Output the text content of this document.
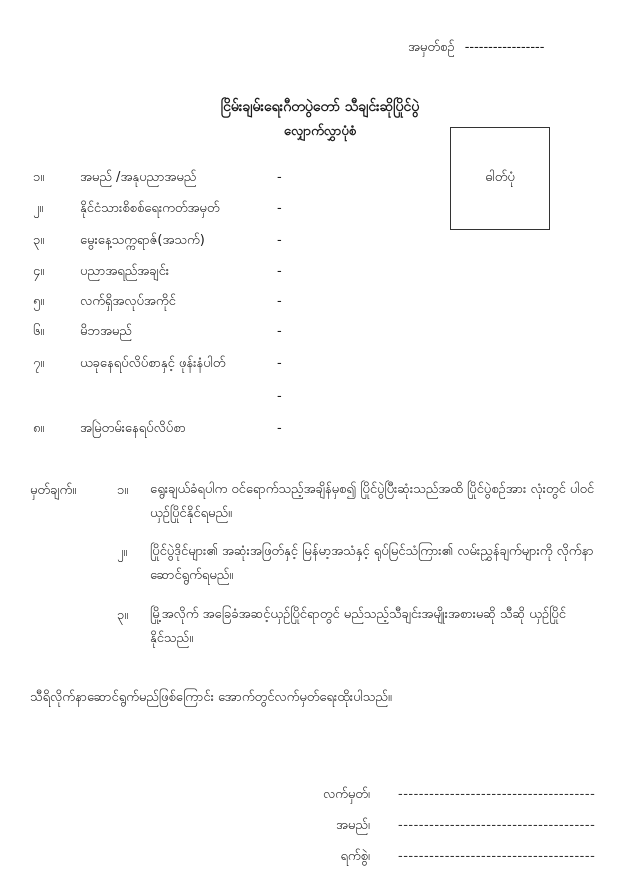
အမှတ်စဉ် -----------------
ငြိမ်းချမ်းရေးဂီတပွဲတော် သီချင်းဆိုပြိုင်ပွဲ
လျှောက်လွှာပုံစံ
ဓါတ်ပုံ
၁။	အမည် /အနုပညာအမည်	-
၂။	နိုင်ငံသားစိစစ်ရေးကတ်အမှတ်	-
၃။	မွေးနေ့သက္ကရာဇ်(အသက်)	-
၄။	ပညာအရည်အချင်း	-
၅။	လက်ရှိအလုပ်အကိုင်	-
၆။	မိဘအမည်	-
၇။	ယခုနေရပ်လိပ်စာနှင့် ဖုန်းနံပါတ်	-
-
၈။	အမြဲတမ်းနေရပ်လိပ်စာ	-
မှတ်ချက်။	၁။ ရွေးချယ်ခံရပါက ဝင်ရောက်သည့်အချိန်မှစ၍ ပြိုင်ပွဲပြီးဆုံးသည်အထိ ပြိုင်ပွဲစဉ်အား လုံးတွင် ပါဝင်ယှဉ်ပြိုင်နိုင်ရမည်။
၂။ ပြိုင်ပွဲဒိုင်များ၏ အဆုံးအဖြတ်နှင့် မြန်မာ့အသံနှင့် ရုပ်မြင်သံကြား၏ လမ်းညွှန်ချက်များကို လိုက်နာဆောင်ရွက်ရမည်။
၃။ မြို့အလိုက် အခြေခံအဆင့်ယှဉ်ပြိုင်ရာတွင် မည်သည့်သီချင်းအမျိုးအစားမဆို သီဆို ယှဉ်ပြိုင်နိုင်သည်။
သီရိလိုက်နာဆောင်ရွက်မည်ဖြစ်ကြောင်း အောက်တွင်လက်မှတ်ရေးထိုးပါသည်။
လက်မှတ်၊ --------------------------------------
အမည်၊ --------------------------------------
ရက်စွဲ၊ --------------------------------------
